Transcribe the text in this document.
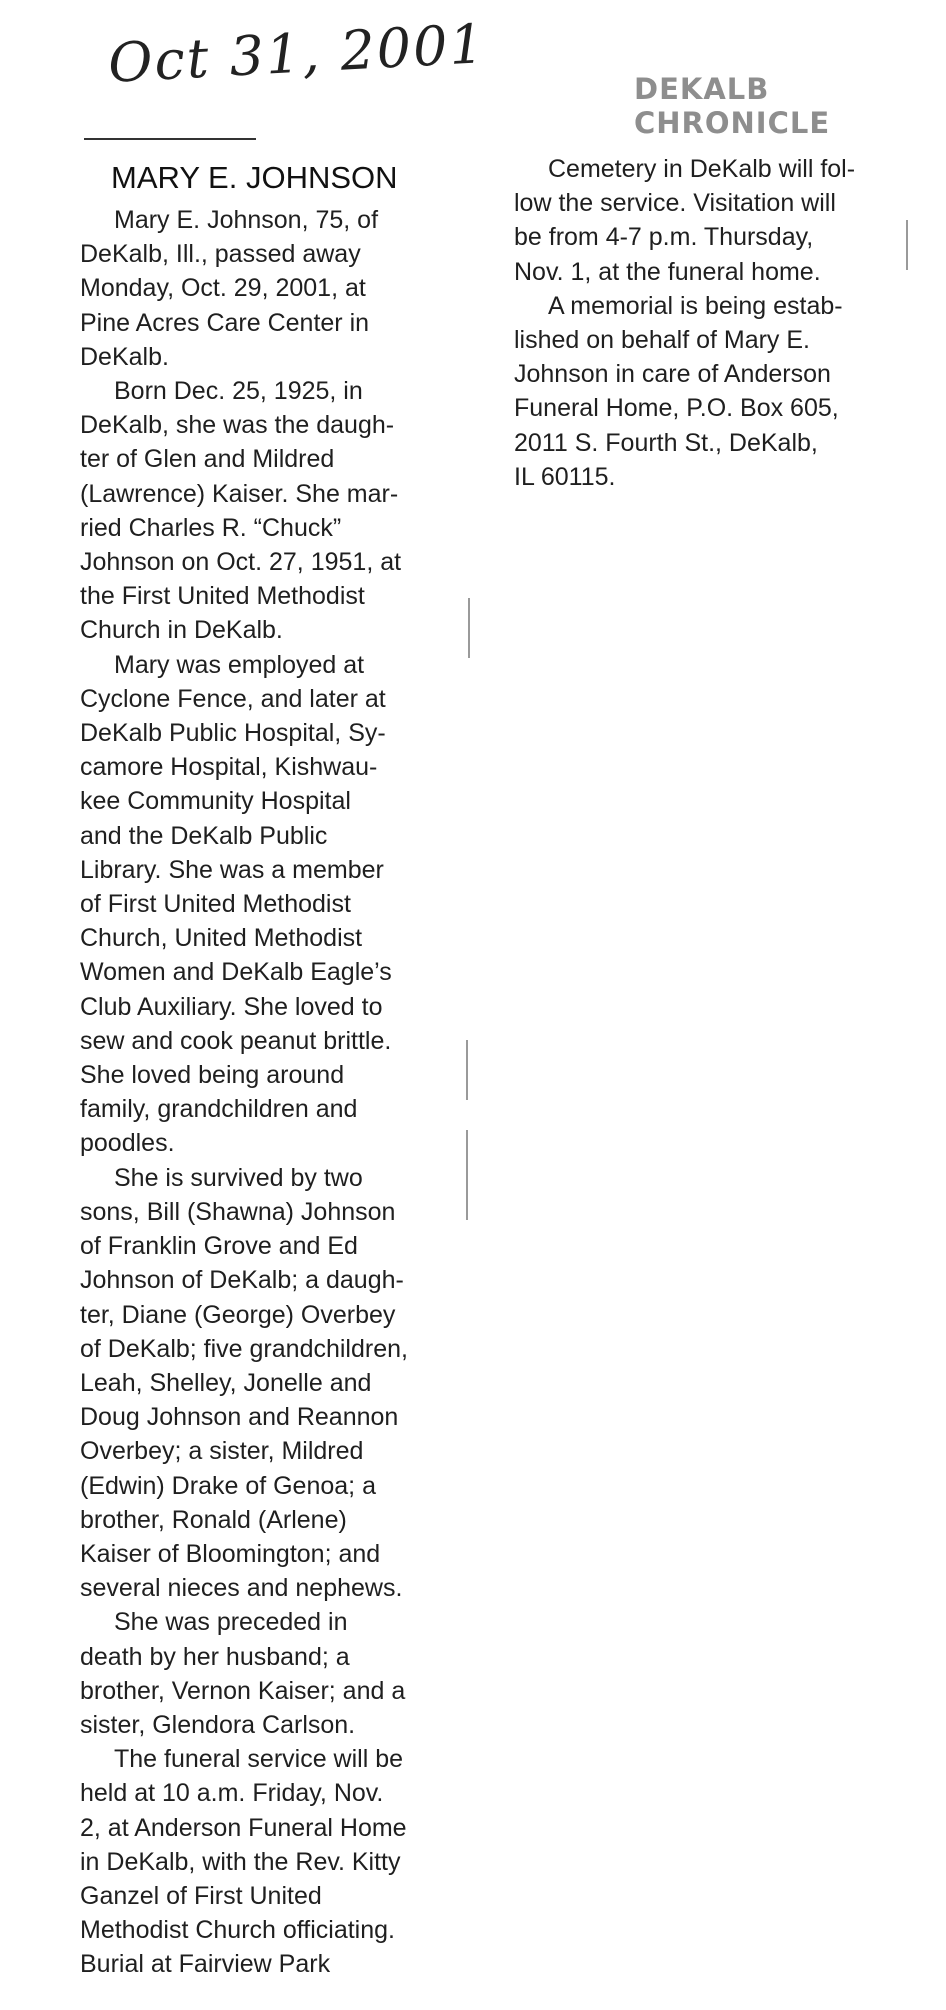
Oct 31, 2001	DEKALB CHRONICLE
MARY E. JOHNSON
Mary E. Johnson, 75, of
DeKalb, Ill., passed away
Monday, Oct. 29, 2001, at
Pine Acres Care Center in
DeKalb.
Born Dec. 25, 1925, in
DeKalb, she was the daugh-
ter of Glen and Mildred
(Lawrence) Kaiser. She mar-
ried Charles R. “Chuck”
Johnson on Oct. 27, 1951, at
the First United Methodist
Church in DeKalb.
Mary was employed at
Cyclone Fence, and later at
DeKalb Public Hospital, Sy-
camore Hospital, Kishwau-
kee Community Hospital
and the DeKalb Public
Library. She was a member
of First United Methodist
Church, United Methodist
Women and DeKalb Eagle’s
Club Auxiliary. She loved to
sew and cook peanut brittle.
She loved being around
family, grandchildren and
poodles.
She is survived by two
sons, Bill (Shawna) Johnson
of Franklin Grove and Ed
Johnson of DeKalb; a daugh-
ter, Diane (George) Overbey
of DeKalb; five grandchildren,
Leah, Shelley, Jonelle and
Doug Johnson and Reannon
Overbey; a sister, Mildred
(Edwin) Drake of Genoa; a
brother, Ronald (Arlene)
Kaiser of Bloomington; and
several nieces and nephews.
She was preceded in
death by her husband; a
brother, Vernon Kaiser; and a
sister, Glendora Carlson.
The funeral service will be
held at 10 a.m. Friday, Nov.
2, at Anderson Funeral Home
in DeKalb, with the Rev. Kitty
Ganzel of First United
Methodist Church officiating.
Burial at Fairview Park
Cemetery in DeKalb will fol-
low the service. Visitation will
be from 4-7 p.m. Thursday,
Nov. 1, at the funeral home.
A memorial is being estab-
lished on behalf of Mary E.
Johnson in care of Anderson
Funeral Home, P.O. Box 605,
2011 S. Fourth St., DeKalb,
IL 60115.
